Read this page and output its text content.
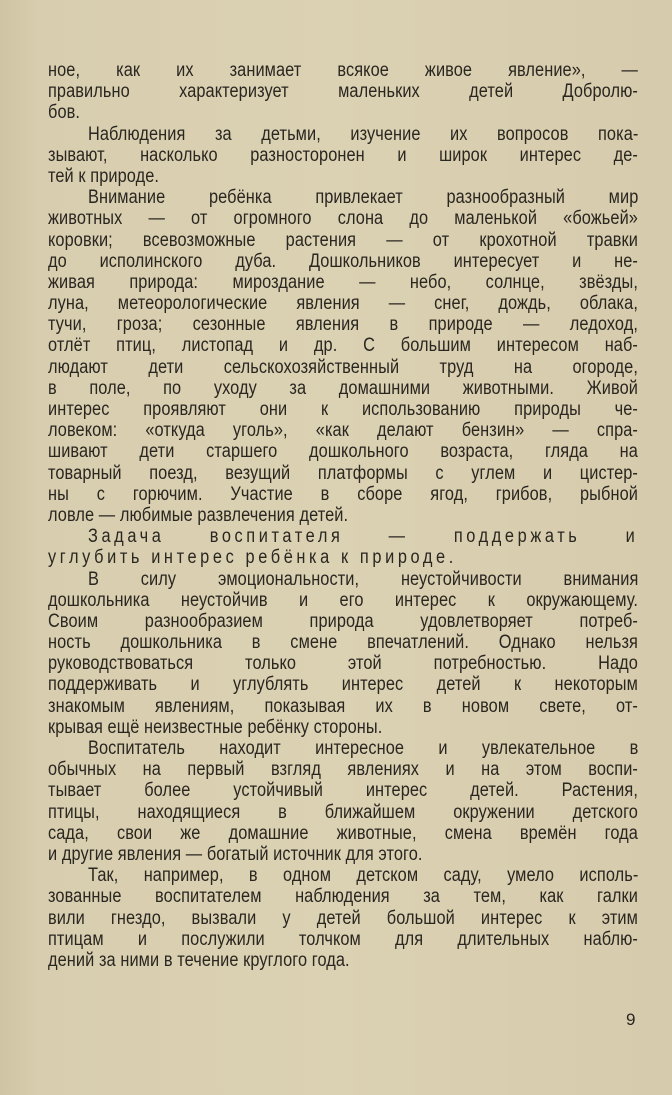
ное, как их занимает всякое живое явление», —
правильно характеризует маленьких детей Добролю-
бов.
Наблюдения за детьми, изучение их вопросов пока-
зывают, насколько разносторонен и широк интерес де-
тей к природе.
Внимание ребёнка привлекает разнообразный мир
животных — от огромного слона до маленькой «божьей»
коровки; всевозможные растения — от крохотной травки
до исполинского дуба. Дошкольников интересует и не-
живая природа: мироздание — небо, солнце, звёзды,
луна, метеорологические явления — снег, дождь, облака,
тучи, гроза; сезонные явления в природе — ледоход,
отлёт птиц, листопад и др. С большим интересом наб-
людают дети сельскохозяйственный труд на огороде,
в поле, по уходу за домашними животными. Живой
интерес проявляют они к использованию природы че-
ловеком: «откуда уголь», «как делают бензин» — спра-
шивают дети старшего дошкольного возраста, гляда на
товарный поезд, везущий платформы с углем и цистер-
ны с горючим. Участие в сборе ягод, грибов, рыбной
ловле — любимые развлечения детей.
Задача воспитателя — поддержать и
углубить интерес ребёнка к природе.
В силу эмоциональности, неустойчивости внимания
дошкольника неустойчив и его интерес к окружающему.
Своим разнообразием природа удовлетворяет потреб-
ность дошкольника в смене впечатлений. Однако нельзя
руководствоваться только этой потребностью. Надо
поддерживать и углублять интерес детей к некоторым
знакомым явлениям, показывая их в новом свете, от-
крывая ещё неизвестные ребёнку стороны.
Воспитатель находит интересное и увлекательное в
обычных на первый взгляд явлениях и на этом воспи-
тывает более устойчивый интерес детей. Растения,
птицы, находящиеся в ближайшем окружении детского
сада, свои же домашние животные, смена времён года
и другие явления — богатый источник для этого.
Так, например, в одном детском саду, умело исполь-
зованные воспитателем наблюдения за тем, как галки
вили гнездо, вызвали у детей большой интерес к этим
птицам и послужили толчком для длительных наблю-
дений за ними в течение круглого года.
9
